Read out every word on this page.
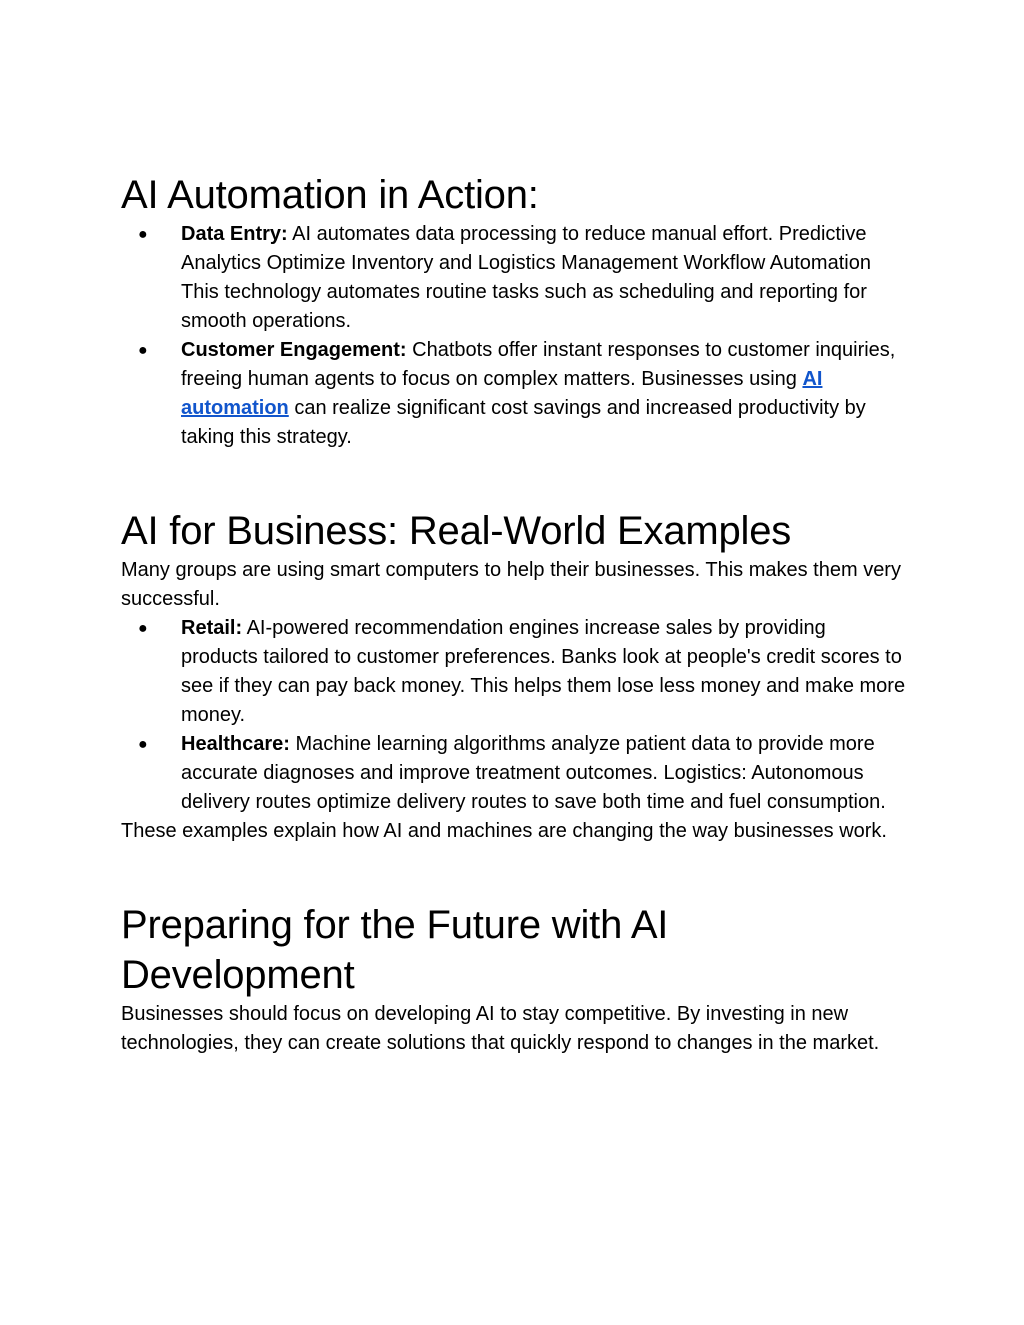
AI Automation in Action:
● Data Entry: AI automates data processing to reduce manual effort. Predictive Analytics Optimize Inventory and Logistics Management Workflow Automation This technology automates routine tasks such as scheduling and reporting for smooth operations.
● Customer Engagement: Chatbots offer instant responses to customer inquiries, freeing human agents to focus on complex matters. Businesses using AI automation can realize significant cost savings and increased productivity by taking this strategy.
AI for Business: Real-World Examples

Many groups are using smart computers to help their businesses. This makes them very successful.

● Retail: AI-powered recommendation engines increase sales by providing products tailored to customer preferences. Banks look at people's credit scores to see if they can pay back money. This helps them lose less money and make more money.
● Healthcare: Machine learning algorithms analyze patient data to provide more accurate diagnoses and improve treatment outcomes. Logistics: Autonomous delivery routes optimize delivery routes to save both time and fuel consumption.

These examples explain how AI and machines are changing the way businesses work.

Preparing for the Future with AI Development

Businesses should focus on developing AI to stay competitive. By investing in new technologies, they can create solutions that quickly respond to changes in the market.
